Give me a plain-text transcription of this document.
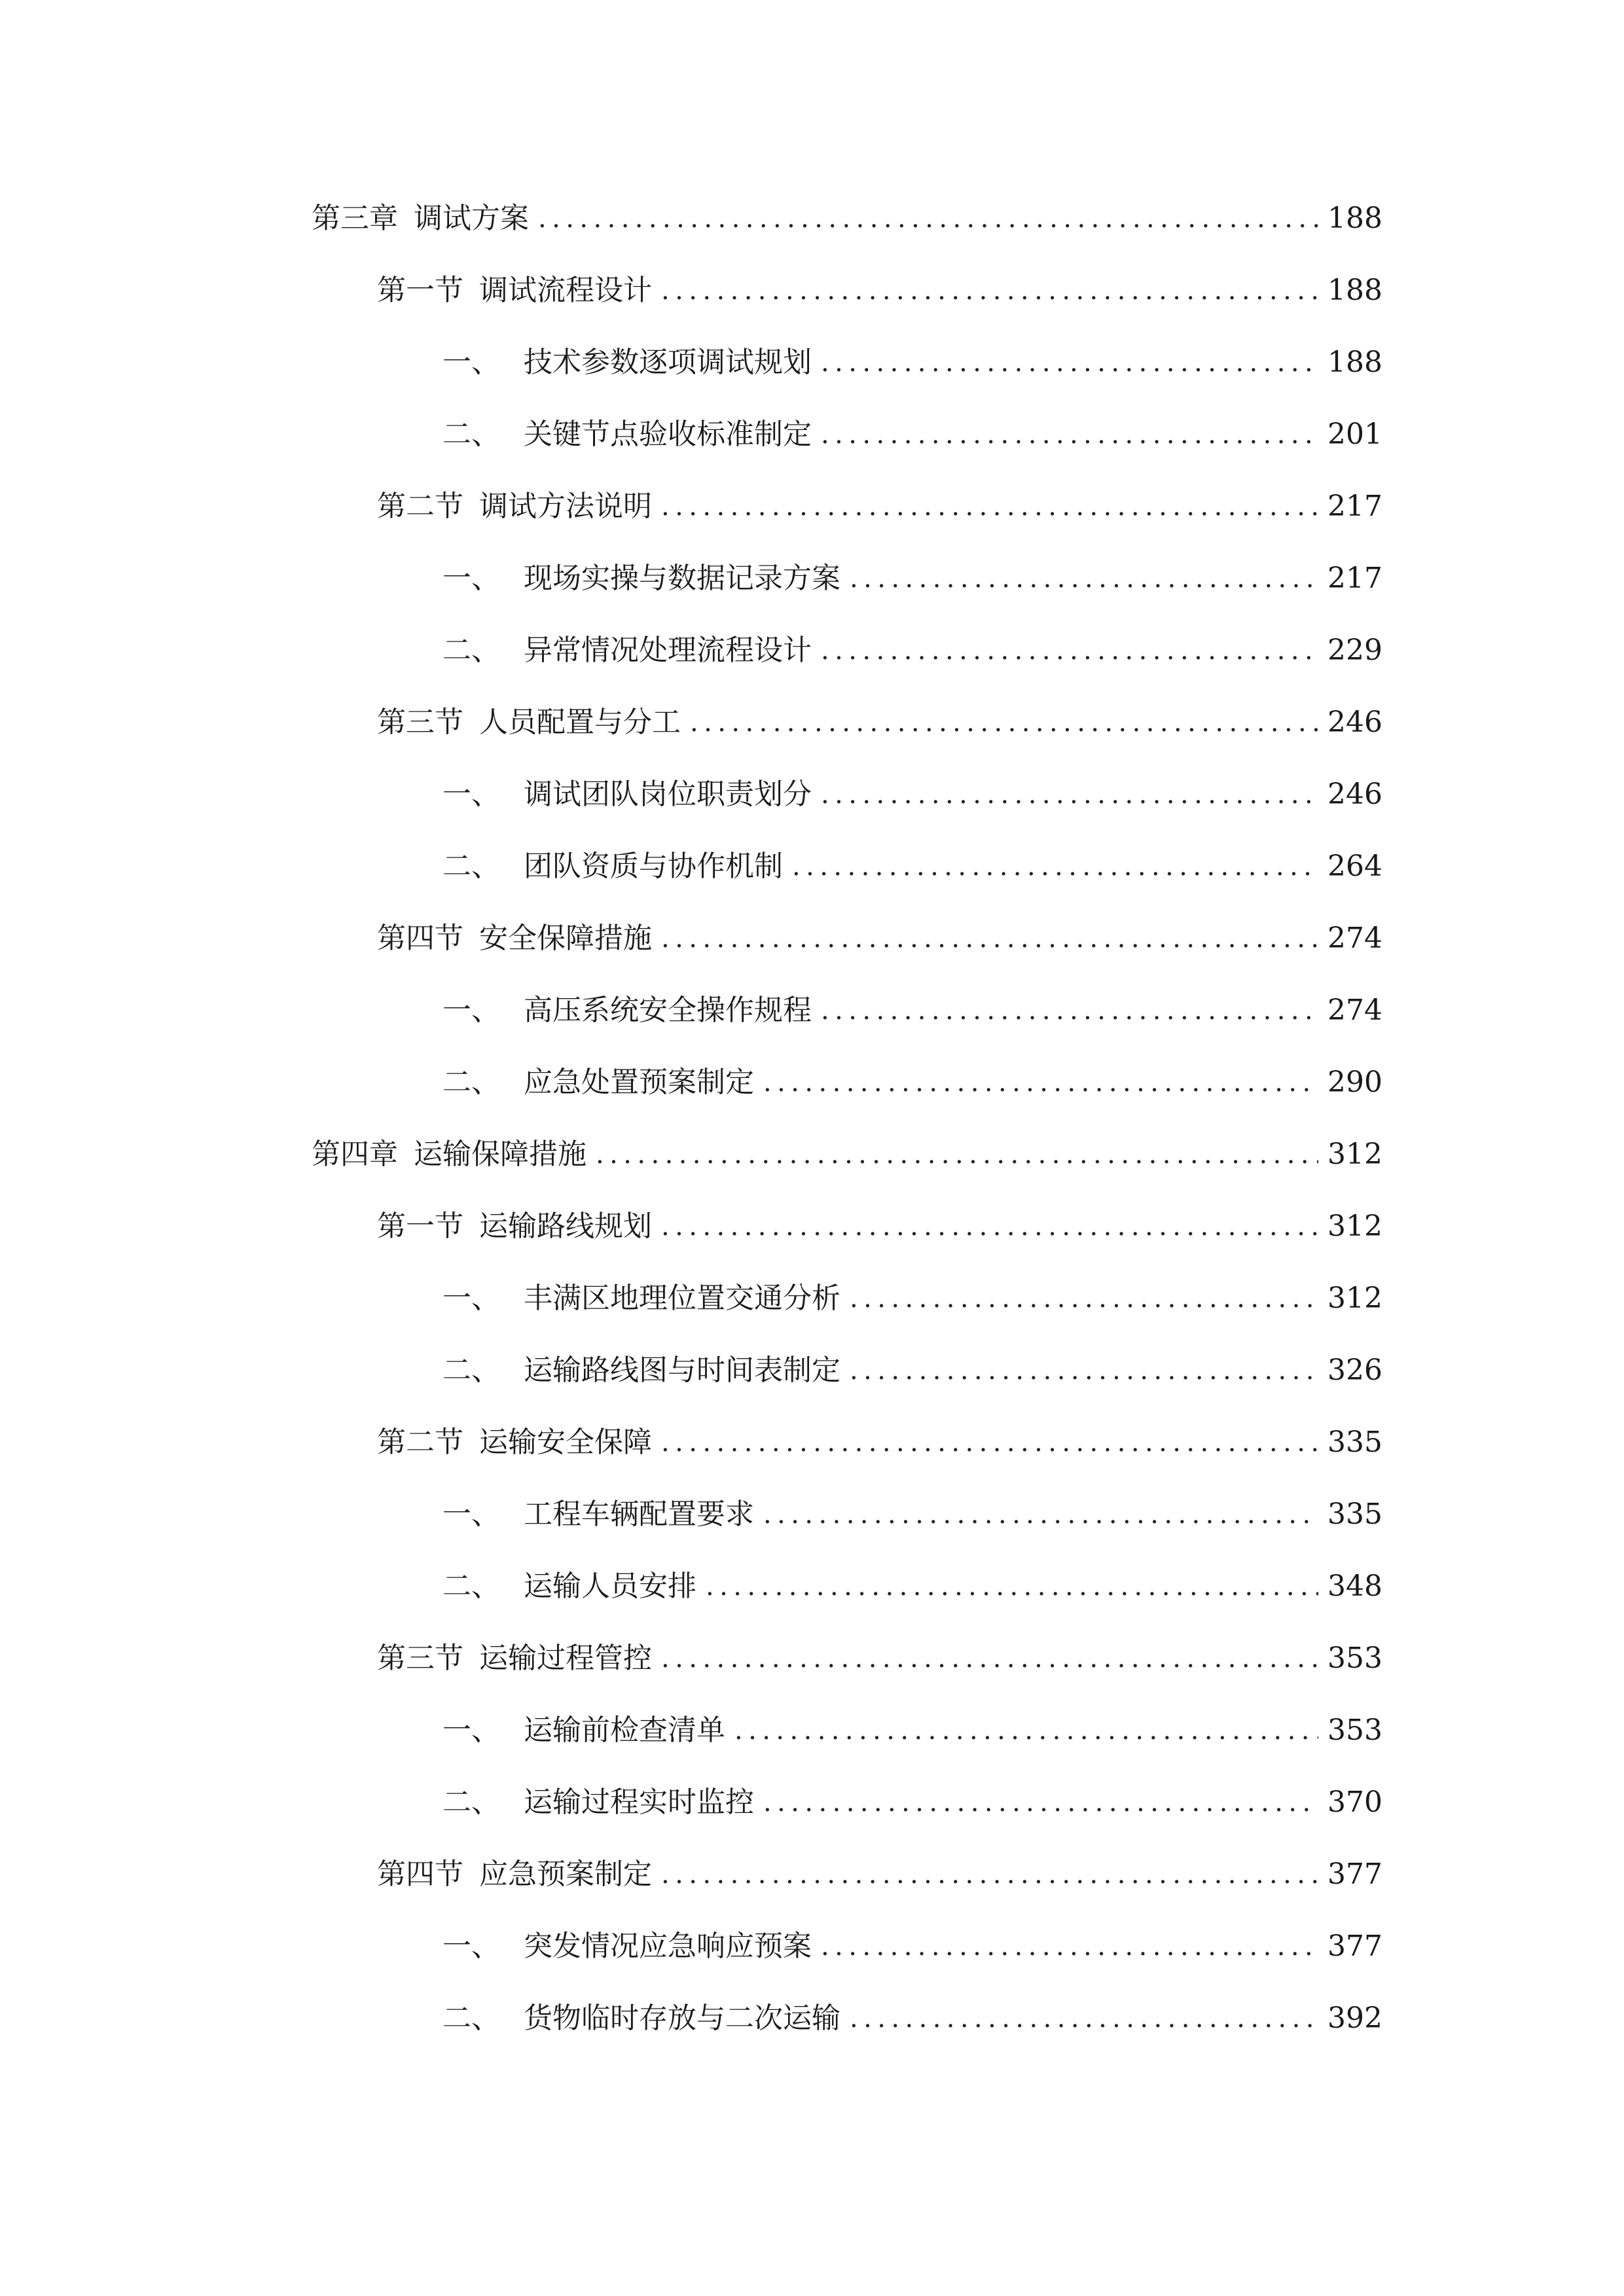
第三章 调试方案 .....	188
第一节 调试流程设计 .....	188
一、 技术参数逐项调试规划 .....	188
二、 关键节点验收标准制定 .....	201
第二节 调试方法说明 .....	217
一、 现场实操与数据记录方案 .....	217
二、 异常情况处理流程设计 .....	229
第三节 人员配置与分工 .....	246
一、 调试团队岗位职责划分 .....	246
二、 团队资质与协作机制 .....	264
第四节 安全保障措施 .....	274
一、 高压系统安全操作规程 .....	274
二、 应急处置预案制定 .....	290
第四章 运输保障措施 .....	312
第一节 运输路线规划 .....	312
一、 丰满区地理位置交通分析 .....	312
二、 运输路线图与时间表制定 .....	326
第二节 运输安全保障 .....	335
一、 工程车辆配置要求 .....	335
二、 运输人员安排 .....	348
第三节 运输过程管控 .....	353
一、 运输前检查清单 .....	353
二、 运输过程实时监控 .....	370
第四节 应急预案制定 .....	377
一、 突发情况应急响应预案 .....	377
二、 货物临时存放与二次运输 .....	392
